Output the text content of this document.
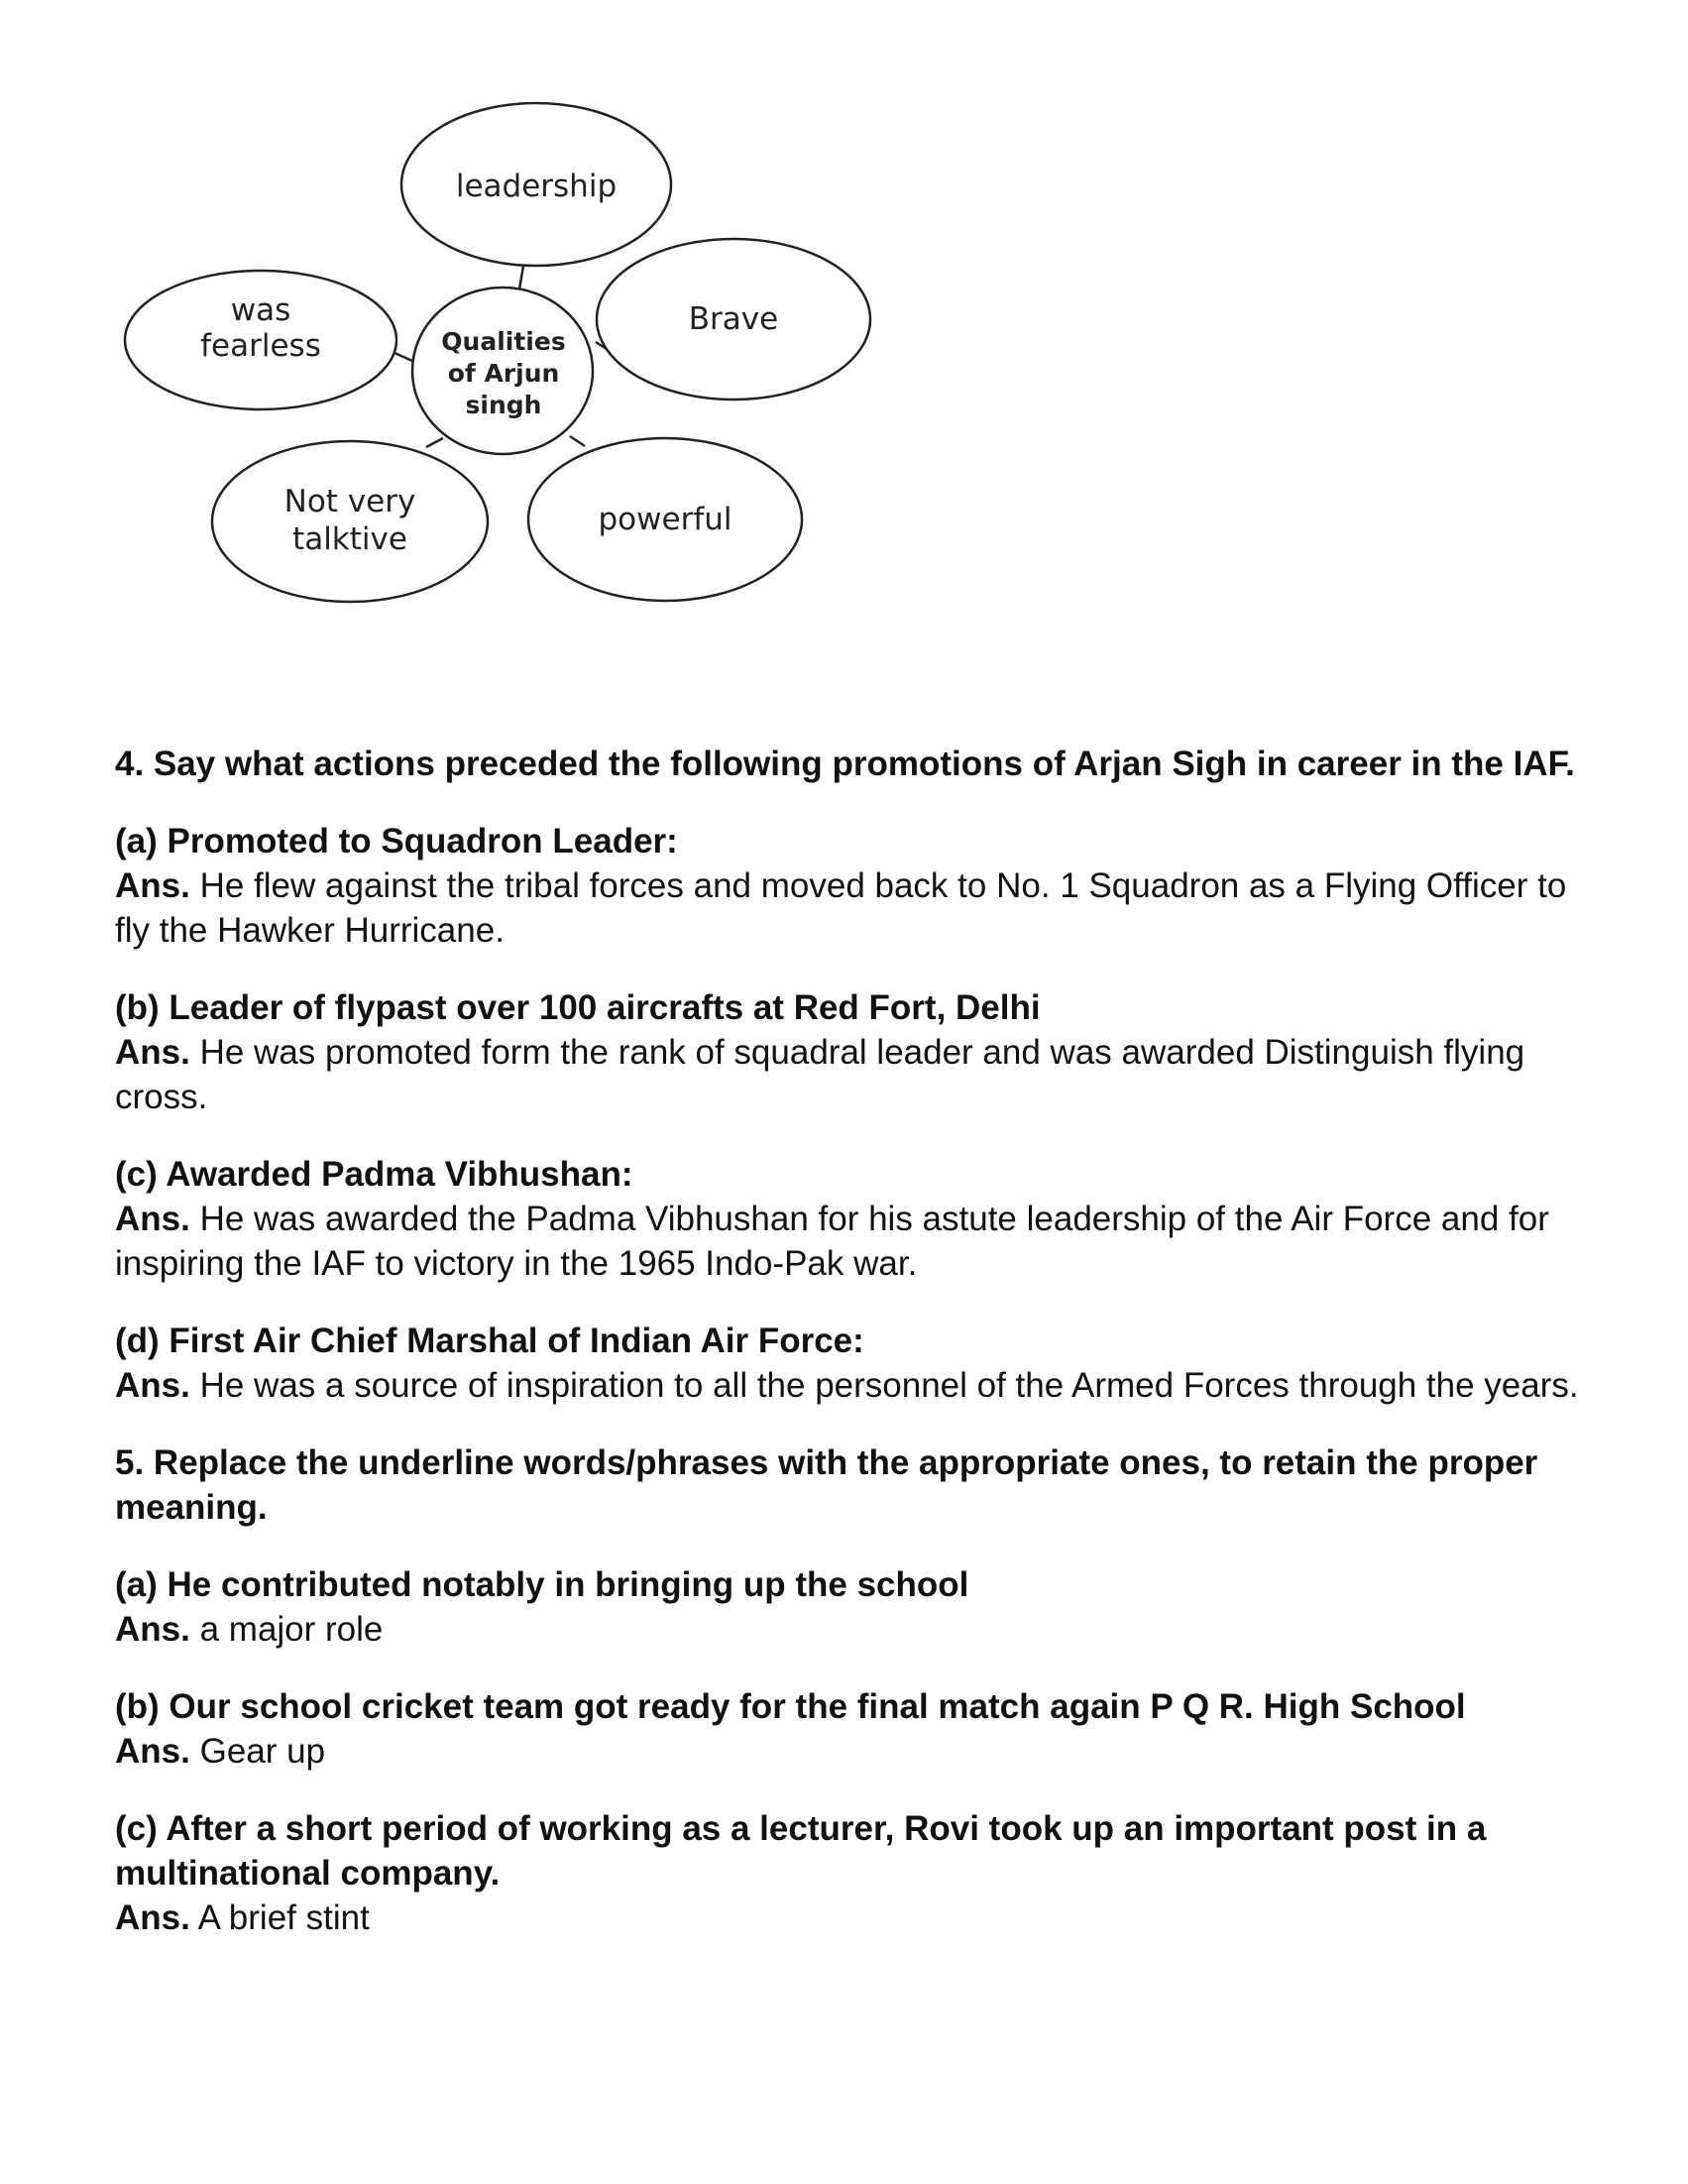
Qualities
of Arjun
singh
leadership
was
fearless
Brave
Not very
talktive
powerful
4. Say what actions preceded the following promotions of Arjan Sigh in career in the IAF.
(a) Promoted to Squadron Leader:
Ans. He flew against the tribal forces and moved back to No. 1 Squadron as a Flying Officer to fly the Hawker Hurricane.
(b) Leader of flypast over 100 aircrafts at Red Fort, Delhi
Ans. He was promoted form the rank of squadral leader and was awarded Distinguish flying cross.
(c) Awarded Padma Vibhushan:
Ans. He was awarded the Padma Vibhushan for his astute leadership of the Air Force and for inspiring the IAF to victory in the 1965 Indo-Pak war.
(d) First Air Chief Marshal of Indian Air Force:
Ans. He was a source of inspiration to all the personnel of the Armed Forces through the years.
5. Replace the underline words/phrases with the appropriate ones, to retain the proper meaning.
(a) He contributed notably in bringing up the school
Ans. a major role
(b) Our school cricket team got ready for the final match again P Q R. High School
Ans. Gear up
(c) After a short period of working as a lecturer, Rovi took up an important post in a multinational company.
Ans. A brief stint
